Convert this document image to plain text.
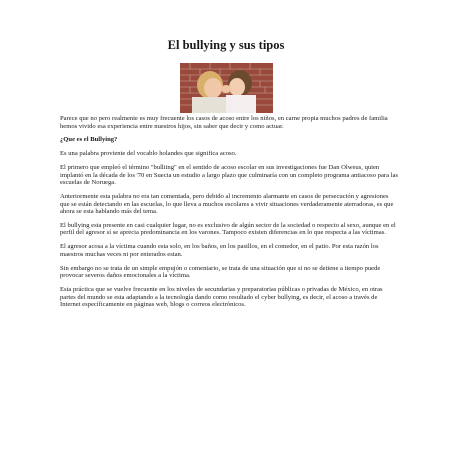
El bullying y sus tipos

Parece que no pero realmente es muy frecuente los casos de acoso entre los niños, en carne propia muchos padres de familia hemos vivido esa experiencia entre nuestros hijos, sin saber que decir y como actuar.

¿Que es el Bullying?

Es una palabra proviente del vocablo holandes que significa acoso.

El primero que empleó el término "bulliing" en el sentido de acoso escolar en sus investigaciones fue Dan Olweus, quien implantó en la década de los '70 en Suecia un estudio a largo plazo que culminaría con un completo programa antiacoso para las escuelas de Noruega.

Anteriormente esta palabra no era tan comentada, pero debido al incremento alarmante en casos de persecución y agresiones que se están detectando en las escuelas, lo que lleva a muchos escolares a vivir situaciones verdaderamente aterradoras, es que ahora se esta hablando más del tema.

El bullying esta presente en casi cualquier lugar, no es exclusivo de algún sector de la sociedad o respecto al sexo, aunque en el perfil del agresor sí se aprecia predominancia en los varones. Tampoco existen diferencias en lo que respecta a las víctimas.

El agresor acosa a la víctima cuando esta solo, en los baños, en los pasillos, en el comedor, en el patio. Por esta razón los maestros muchas veces ni por enterados estan.

Sin embargo no se trata de un simple empujón o comentario, se trata de una situación que si no se detiene a tiempo puede provocar severos daños emocionales a la víctima.

Esta práctica que se vuelve frecuente en los niveles de secundarias y preparatorias públicas o privadas de México, en otras partes del mundo se esta adaptando a la tecnología dando como resultado el cyber bullying, es decir, el acoso a través de Internet específicamente en páginas web, blogs o correos electrónicos.
